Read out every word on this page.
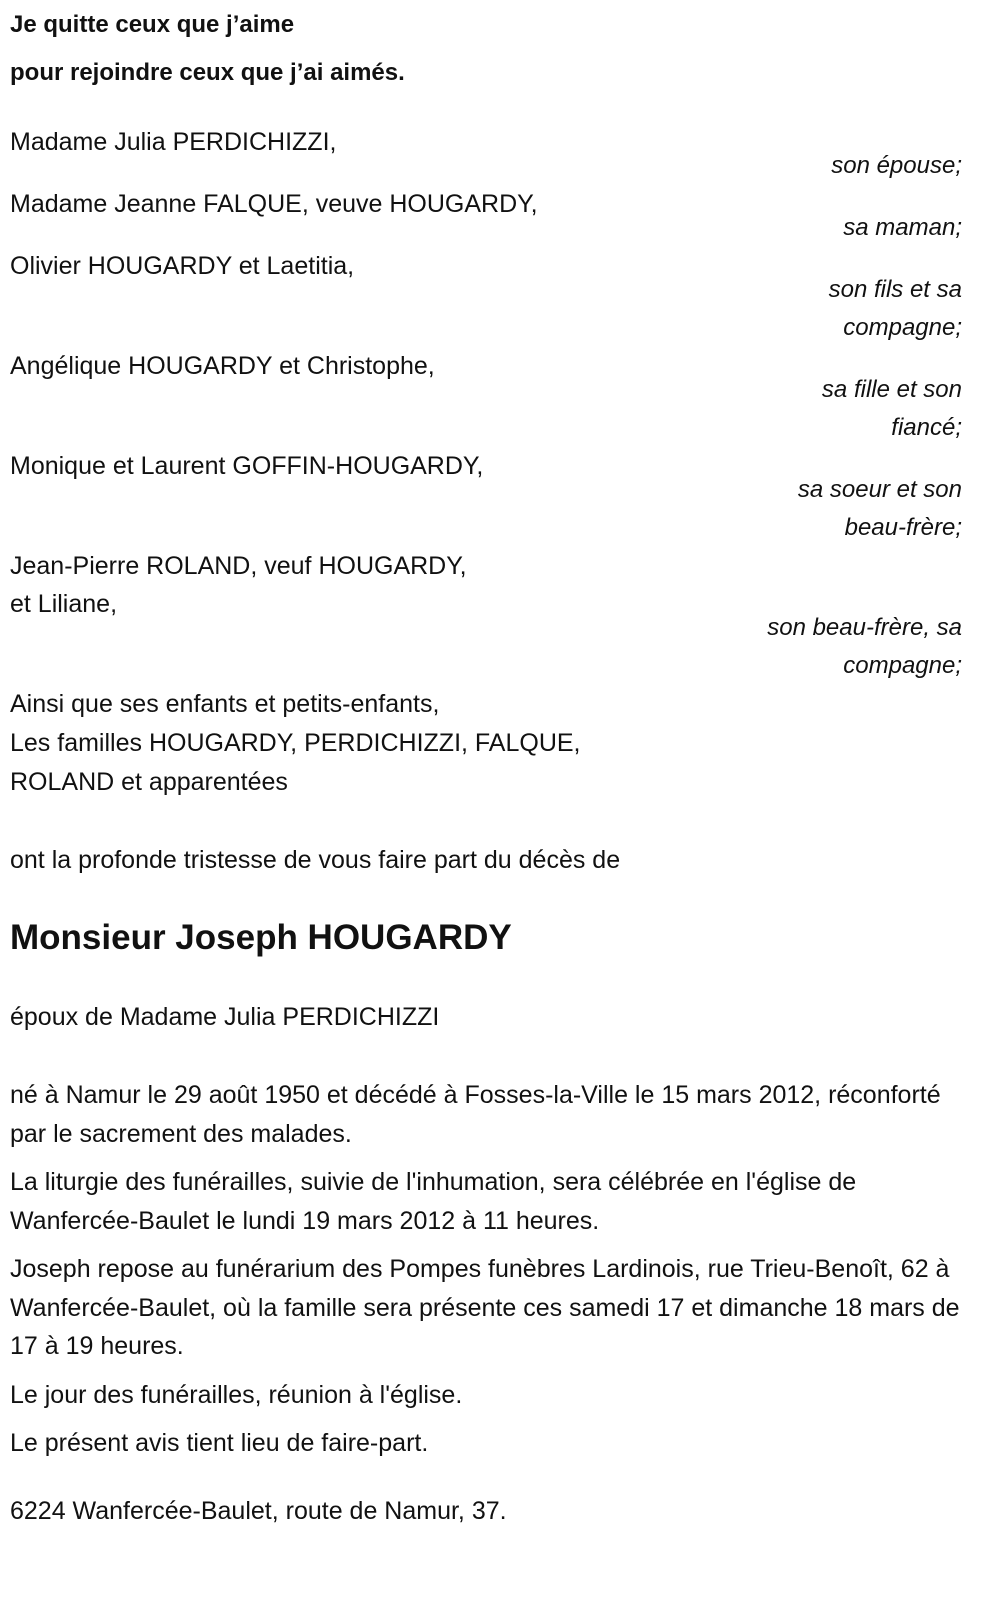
Je quitte ceux que j’aime
pour rejoindre ceux que j’ai aimés.
Madame Julia PERDICHIZZI,
son épouse;
Madame Jeanne FALQUE, veuve HOUGARDY,
sa maman;
Olivier HOUGARDY et Laetitia,
son fils et sa
compagne;
Angélique HOUGARDY et Christophe,
sa fille et son
fiancé;
Monique et Laurent GOFFIN-HOUGARDY,
sa soeur et son
beau-frère;
Jean-Pierre ROLAND, veuf HOUGARDY,
et Liliane,
son beau-frère, sa
compagne;
Ainsi que ses enfants et petits-enfants,
Les familles HOUGARDY, PERDICHIZZI, FALQUE,
ROLAND et apparentées
ont la profonde tristesse de vous faire part du décès de
Monsieur Joseph HOUGARDY
époux de Madame Julia PERDICHIZZI

né à Namur le 29 août 1950 et décédé à Fosses-la-Ville le 15 mars 2012, réconforté par le sacrement des malades.

La liturgie des funérailles, suivie de l'inhumation, sera célébrée en l'église de Wanfercée-Baulet le lundi 19 mars 2012 à 11 heures.

Joseph repose au funérarium des Pompes funèbres Lardinois, rue Trieu-Benoît, 62 à Wanfercée-Baulet, où la famille sera présente ces samedi 17 et dimanche 18 mars de 17 à 19 heures.

Le jour des funérailles, réunion à l'église.

Le présent avis tient lieu de faire-part.

6224 Wanfercée-Baulet, route de Namur, 37.
